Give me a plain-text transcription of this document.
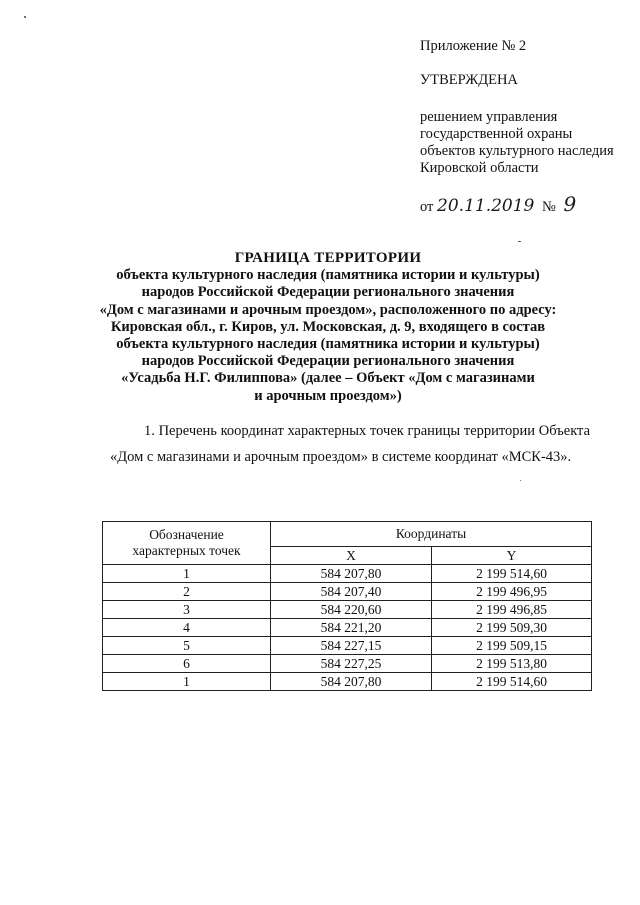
Приложение № 2
УТВЕРЖДЕНА
решением управления
государственной охраны
объектов культурного наследия
Кировской области
от 20.11.2019 № 9
ГРАНИЦА ТЕРРИТОРИИ
объекта культурного наследия (памятника истории и культуры)
народов Российской Федерации регионального значения
«Дом с магазинами и арочным проездом», расположенного по адресу:
Кировская обл., г. Киров, ул. Московская, д. 9, входящего в состав
объекта культурного наследия (памятника истории и культуры)
народов Российской Федерации регионального значения
«Усадьба Н.Г. Филиппова» (далее – Объект «Дом с магазинами
и арочным проездом»)
1. Перечень координат характерных точек границы территории Объекта «Дом с магазинами и арочным проездом» в системе координат «МСК-43».
Обозначение
характерных точек	Координаты	
	X	Y
1	584 207,80	2 199 514,60
2	584 207,40	2 199 496,95
3	584 220,60	2 199 496,85
4	584 221,20	2 199 509,30
5	584 227,15	2 199 509,15
6	584 227,25	2 199 513,80
1	584 207,80	2 199 514,60
